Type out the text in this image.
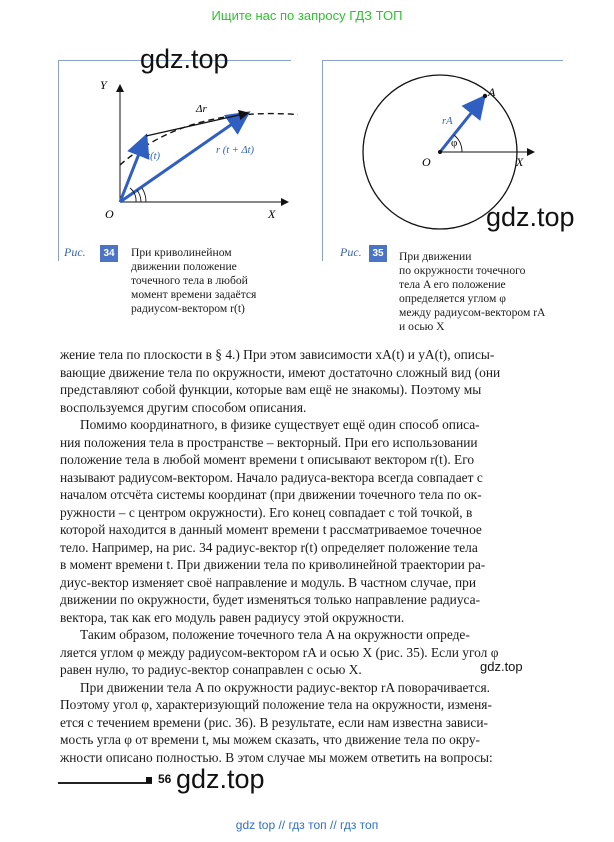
Ищите нас по запросу ГДЗ ТОП
Y
X
O
Δr
r(t)
r (t + Δt)
Рис.	34 При криволинейном
движении положение
точечного тела в любой
момент времени задаётся
радиусом-вектором r(t)
A
O	X
φ
rA
Рис.	35 При движении
по окружности точечного
тела A его положение
определяется углом φ
между радиусом-вектором rA
и осью X

жение тела по плоскости в § 4.) При этом зависимости xA(t) и yA(t), описы-

вающие движение тела по окружности, имеют достаточно сложный вид (они

представляют собой функции, которые вам ещё не знакомы). Поэтому мы

воспользуемся другим способом описания.

Помимо координатного, в физике существует ещё один способ описа-

ния положения тела в пространстве – векторный. При его использовании

положение тела в любой момент времени t описывают вектором r(t). Его

называют радиусом-вектором. Начало радиуса-вектора всегда совпадает с

началом отсчёта системы координат (при движении точечного тела по ок-

ружности – с центром окружности). Его конец совпадает с той точкой, в

которой находится в данный момент времени t рассматриваемое точечное

тело. Например, на рис. 34 радиус-вектор r(t) определяет положение тела

в момент времени t. При движении тела по криволинейной траектории ра-

диус-вектор изменяет своё направление и модуль. В частном случае, при

движении по окружности, будет изменяться только направление радиуса-

вектора, так как его модуль равен радиусу этой окружности.

Таким образом, положение точечного тела A на окружности опреде-

ляется углом φ между радиусом-вектором rA и осью X (рис. 35). Если угол φ

равен нулю, то радиус-вектор сонаправлен с осью X.

При движении тела A по окружности радиус-вектор rA поворачивается.

Поэтому угол φ, характеризующий положение тела на окружности, изменя-

ется с течением времени (рис. 36). В результате, если нам известна зависи-

мость угла φ от времени t, мы можем сказать, что движение тела по окру-

жности описано полностью. В этом случае мы можем ответить на вопросы:

gdz.top
gdz.top
gdz.top
gdz.top
56
gdz top // гдз топ // гдз топ
